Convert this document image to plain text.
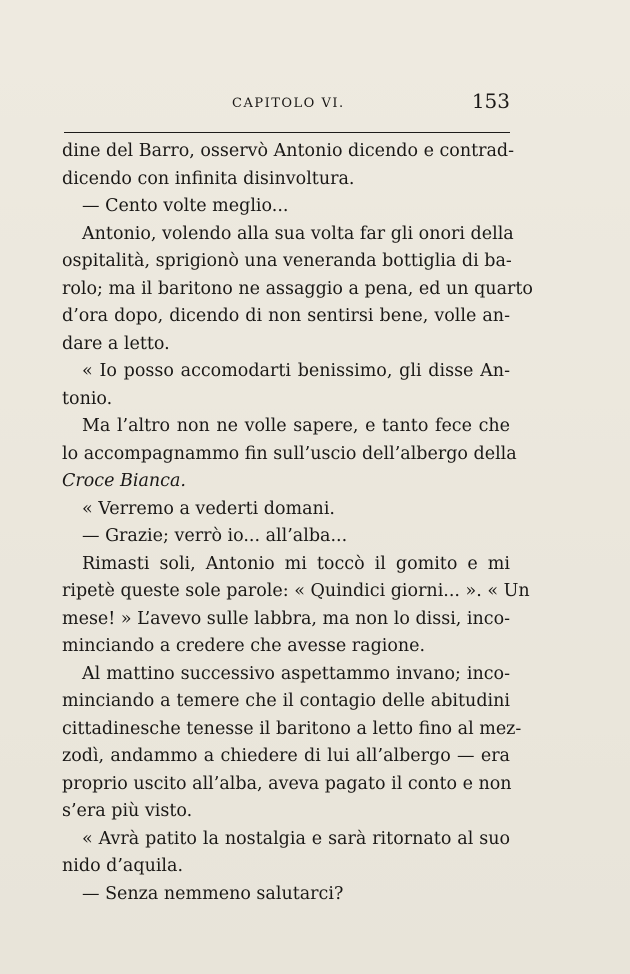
CAPITOLO VI.	153
dine del Barro, osservò Antonio dicendo e contrad-
dicendo con infinita disinvoltura.
— Cento volte meglio...
Antonio, volendo alla sua volta far gli onori della
ospitalità, sprigionò una veneranda bottiglia di ba-
rolo; ma il baritono ne assaggio a pena, ed un quarto
d’ora dopo, dicendo di non sentirsi bene, volle an-
dare a letto.
« Io posso accomodarti benissimo, gli disse An-
tonio.
Ma l’altro non ne volle sapere, e tanto fece che
lo accompagnammo fin sull’uscio dell’albergo della
Croce Bianca.
« Verremo a vederti domani.
— Grazie; verrò io... all’alba...
Rimasti soli, Antonio mi toccò il gomito e mi
ripetè queste sole parole: « Quindici giorni... ». « Un
mese! » L’avevo sulle labbra, ma non lo dissi, inco-
minciando a credere che avesse ragione.
Al mattino successivo aspettammo invano; inco-
minciando a temere che il contagio delle abitudini
cittadinesche tenesse il baritono a letto fino al mez-
zodì, andammo a chiedere di lui all’albergo — era
proprio uscito all’alba, aveva pagato il conto e non
s’era più visto.
« Avrà patito la nostalgia e sarà ritornato al suo
nido d’aquila.
— Senza nemmeno salutarci?
